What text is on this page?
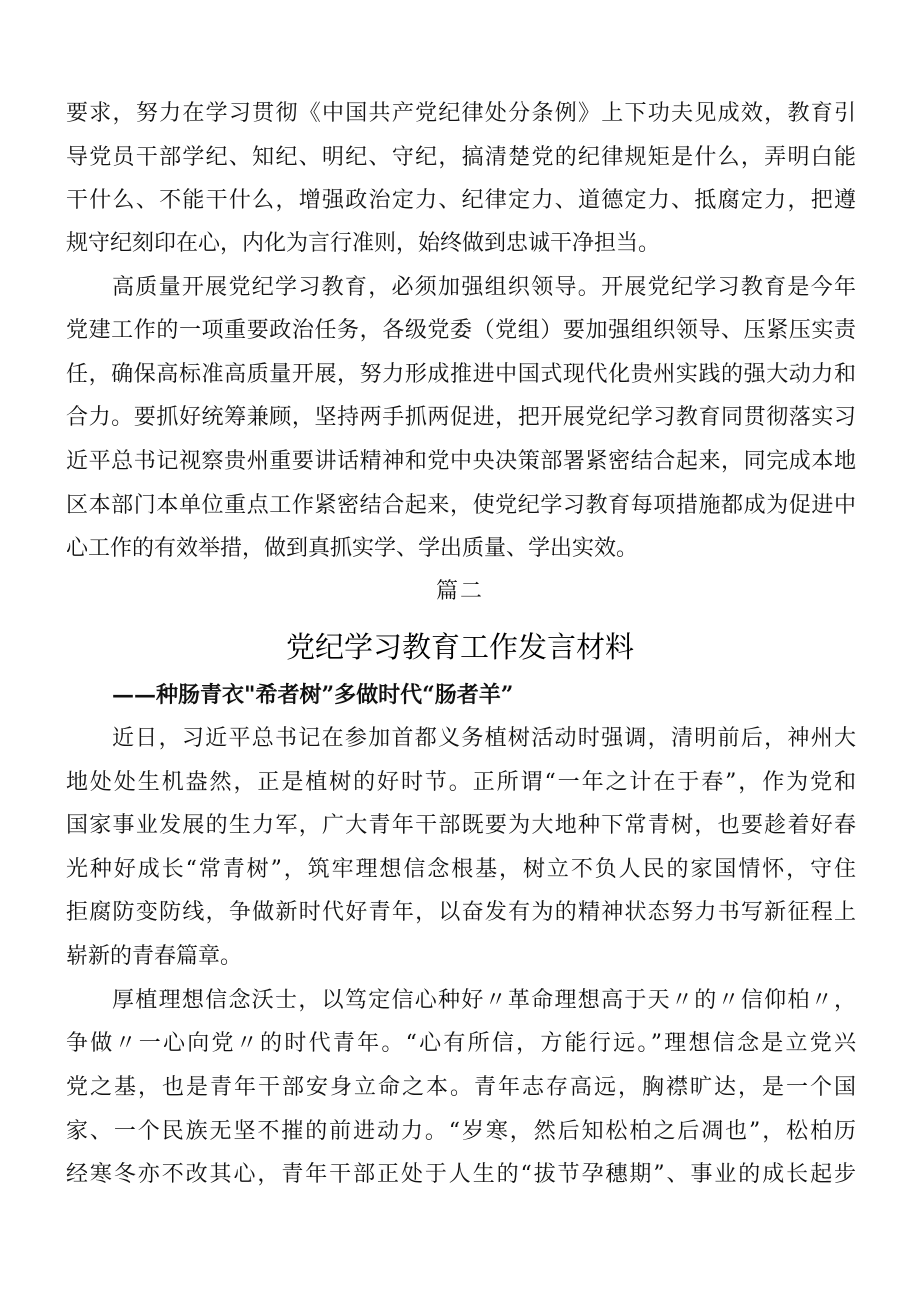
要求，努力在学习贯彻《中国共产党纪律处分条例》上下功夫见成效，教育引
导党员干部学纪、知纪、明纪、守纪，搞清楚党的纪律规矩是什么，弄明白能
干什么、不能干什么，增强政治定力、纪律定力、道德定力、抵腐定力，把遵
规守纪刻印在心，内化为言行准则，始终做到忠诚干净担当。
高质量开展党纪学习教育，必须加强组织领导。开展党纪学习教育是今年
党建工作的一项重要政治任务，各级党委（党组）要加强组织领导、压紧压实责
任，确保高标准高质量开展，努力形成推进中国式现代化贵州实践的强大动力和
合力。要抓好统筹兼顾，坚持两手抓两促进，把开展党纪学习教育同贯彻落实习
近平总书记视察贵州重要讲话精神和党中央决策部署紧密结合起来，同完成本地
区本部门本单位重点工作紧密结合起来，使党纪学习教育每项措施都成为促进中
心工作的有效举措，做到真抓实学、学出质量、学出实效。
篇二
党纪学习教育工作发言材料
——种肠青衣"希者树”多做时代“肠者羊”
近日，习近平总书记在参加首都义务植树活动时强调，清明前后，神州大
地处处生机盎然，正是植树的好时节。正所谓“一年之计在于春”，作为党和
国家事业发展的生力军，广大青年干部既要为大地种下常青树，也要趁着好春
光种好成长“常青树”，筑牢理想信念根基，树立不负人民的家国情怀，守住
拒腐防变防线，争做新时代好青年，以奋发有为的精神状态努力书写新征程上
崭新的青春篇章。
厚植理想信念沃士，以笃定信心种好〃革命理想高于天〃的〃信仰柏〃，
争做〃一心向党〃的时代青年。“心有所信，方能行远。”理想信念是立党兴
党之基，也是青年干部安身立命之本。青年志存高远，胸襟旷达，是一个国
家、一个民族无坚不摧的前进动力。“岁寒，然后知松柏之后凋也”，松柏历
经寒冬亦不改其心，青年干部正处于人生的“拔节孕穗期”、事业的成长起步
